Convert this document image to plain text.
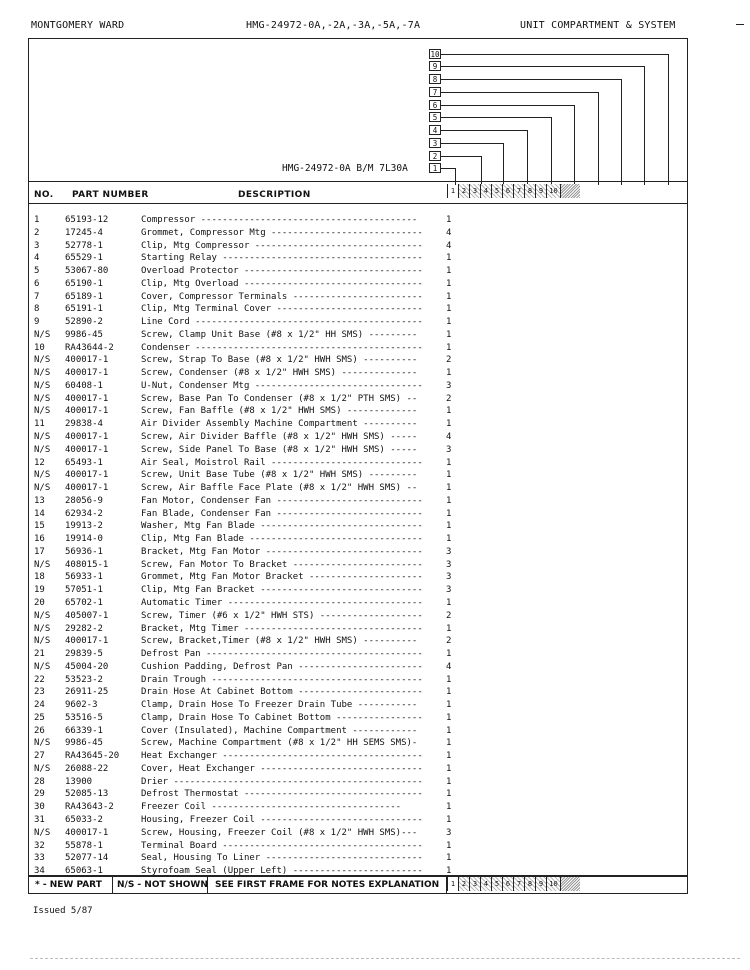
MONTGOMERY WARD	HMG-24972-0A,-2A,-3A,-5A,-7A	UNIT COMPARTMENT & SYSTEM
10
9
8
7
6
5
4
3
2
1
HMG-24972-0A B/M 7L30A
NO. PART NUMBER	DESCRIPTION	1 2 3 4 5 6 7 8 9 10
1	65193-12	Compressor ----------------------------------------	1
2	17245-4	Grommet, Compressor Mtg ----------------------------	4
3	52778-1	Clip, Mtg Compressor -------------------------------	4
4	65529-1	Starting Relay -------------------------------------	1
5	53067-80	Overload Protector ---------------------------------	1
6	65190-1	Clip, Mtg Overload ---------------------------------	1
7	65189-1	Cover, Compressor Terminals ------------------------	1
8	65191-1	Clip, Mtg Terminal Cover ---------------------------	1
9	52890-2	Line Cord ------------------------------------------	1
N/S	9986-45	Screw, Clamp Unit Base (#8 x 1/2" HH SMS) ---------	1
10	RA43644-2	Condenser ------------------------------------------	1
N/S	400017-1	Screw, Strap To Base (#8 x 1/2" HWH SMS) ----------	2
N/S	400017-1	Screw, Condenser (#8 x 1/2" HWH SMS) --------------	1
N/S	60408-1	U-Nut, Condenser Mtg -------------------------------	3
N/S	400017-1	Screw, Base Pan To Condenser (#8 x 1/2" PTH SMS) --	2
N/S	400017-1	Screw, Fan Baffle (#8 x 1/2" HWH SMS) -------------	1
11	29838-4	Air Divider Assembly Machine Compartment ----------	1
N/S	400017-1	Screw, Air Divider Baffle (#8 x 1/2" HWH SMS) -----	4
N/S	400017-1	Screw, Side Panel To Base (#8 x 1/2" HWH SMS) -----	3
12	65493-1	Air Seal, Moistrol Rail ----------------------------	1
N/S	400017-1	Screw, Unit Base Tube (#8 x 1/2" HWH SMS) ---------	1
N/S	400017-1	Screw, Air Baffle Face Plate (#8 x 1/2" HWH SMS) --	1
13	28056-9	Fan Motor, Condenser Fan ---------------------------	1
14	62934-2	Fan Blade, Condenser Fan ---------------------------	1
15	19913-2	Washer, Mtg Fan Blade ------------------------------	1
16	19914-0	Clip, Mtg Fan Blade --------------------------------	1
17	56936-1	Bracket, Mtg Fan Motor -----------------------------	3
N/S	408015-1	Screw, Fan Motor To Bracket ------------------------	3
18	56933-1	Grommet, Mtg Fan Motor Bracket ---------------------	3
19	57051-1	Clip, Mtg Fan Bracket ------------------------------	3
20	65702-1	Automatic Timer ------------------------------------	1
N/S	405007-1	Screw, Timer (#6 x 1/2" HWH STS) -------------------	2
N/S	29282-2	Bracket, Mtg Timer ---------------------------------	1
N/S	400017-1	Screw, Bracket,Timer (#8 x 1/2" HWH SMS) ----------	2
21	29839-5	Defrost Pan ----------------------------------------	1
N/S	45004-20	Cushion Padding, Defrost Pan -----------------------	4
22	53523-2	Drain Trough ---------------------------------------	1
23	26911-25	Drain Hose At Cabinet Bottom -----------------------	1
24	9602-3	Clamp, Drain Hose To Freezer Drain Tube -----------	1
25	53516-5	Clamp, Drain Hose To Cabinet Bottom ----------------	1
26	66339-1	Cover (Insulated), Machine Compartment ------------	1
N/S	9986-45	Screw, Machine Compartment (#8 x 1/2" HH SEMS SMS)-	1
27	RA43645-20	Heat Exchanger -------------------------------------	1
N/S	26088-22	Cover, Heat Exchanger ------------------------------	1
28	13900	Drier ----------------------------------------------	1
29	52085-13	Defrost Thermostat ---------------------------------	1
30	RA43643-2	Freezer Coil -----------------------------------	1
31	65033-2	Housing, Freezer Coil ------------------------------	1
N/S	400017-1	Screw, Housing, Freezer Coil (#8 x 1/2" HWH SMS)---	3
32	55878-1	Terminal Board -------------------------------------	1
33	52077-14	Seal, Housing To Liner -----------------------------	1
34	65063-1	Styrofoam Seal (Upper Left) ------------------------	1
* - NEW PART N/S - NOT SHOWN SEE FIRST FRAME FOR NOTES EXPLANATION	1 2 3 4 5 6 7 8 9 10
Issued 5/87
